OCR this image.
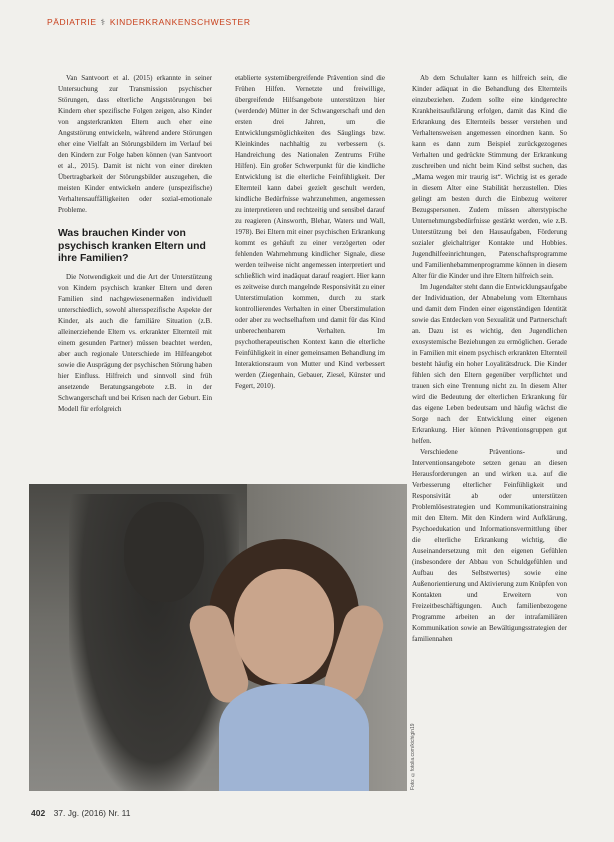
PÄDIATRIE ⚕ KINDERKRANKENSCHWESTER

Van Santvoort et al. (2015) erkannte in seiner Untersuchung zur Transmission psychischer Störungen, dass elterliche Angststörungen bei Kindern eher spezifische Folgen zeigen, also Kinder von angsterkrankten Eltern auch eher eine Angststörung entwickeln, während andere Störungen eher eine Vielfalt an Störungsbildern im Verlauf bei den Kindern zur Folge haben können (van Santvoort et al., 2015). Damit ist nicht von einer direkten Übertragbarkeit der Störungsbilder auszugehen, die meisten Kinder entwickeln andere (unspezifische) Verhaltensauffälligkeiten oder sozial-emotionale Probleme.

Was brauchen Kinder von psychisch kranken Eltern und ihre Familien?

Die Notwendigkeit und die Art der Unterstützung von Kindern psychisch kranker Eltern und deren Familien sind nachgewiesenermaßen individuell unterschiedlich, sowohl altersspezifische Aspekte der Kinder, als auch die familiäre Situation (z.B. alleinerziehende Eltern vs. erkrankter Elternteil mit einem gesunden Partner) müssen beachtet werden, aber auch regionale Unterschiede im Hilfeangebot sowie die Ausprägung der psychischen Störung haben hier Einfluss. Hilfreich und sinnvoll sind früh ansetzende Beratungsangebote z.B. in der Schwangerschaft und bei Krisen nach der Geburt. Ein Modell für erfolgreich

etablierte systemübergreifende Prävention sind die Frühen Hilfen. Vernetzte und freiwillige, übergreifende Hilfsangebote unterstützen hier (werdende) Mütter in der Schwangerschaft und den ersten drei Jahren, um die Entwicklungsmöglichkeiten des Säuglings bzw. Kleinkindes nachhaltig zu verbessern (s. Handreichung des Nationalen Zentrums Frühe Hilfen). Ein großer Schwerpunkt für die kindliche Entwicklung ist die elterliche Feinfühligkeit. Der Elternteil kann dabei gezielt geschult werden, kindliche Bedürfnisse wahrzunehmen, angemessen zu interpretieren und rechtzeitig und sensibel darauf zu reagieren (Ainsworth, Blehar, Waters und Wall, 1978). Bei Eltern mit einer psychischen Erkrankung kommt es gehäuft zu einer verzögerten oder fehlenden Wahrnehmung kindlicher Signale, diese werden teilweise nicht angemessen interpretiert und schließlich wird inadäquat darauf reagiert. Hier kann es zeitweise durch mangelnde Responsivität zu einer Unterstimulation kommen, durch zu stark kontrollierendes Verhalten in einer Überstimulation oder aber zu wechselhaftem und damit für das Kind unberechenbarem Verhalten. Im psychotherapeutischen Kontext kann die elterliche Feinfühligkeit in einer gemeinsamen Behandlung im Interaktionsraum von Mutter und Kind verbessert werden (Ziegenhain, Gebauer, Ziesel, Künster und Fegert, 2010).

Ab dem Schulalter kann es hilfreich sein, die Kinder adäquat in die Behandlung des Elternteils einzubeziehen. Zudem sollte eine kindgerechte Krankheitsaufklärung erfolgen, damit das Kind die Erkrankung des Elternteils besser verstehen und Verhaltensweisen angemessen einordnen kann. So kann es dann zum Beispiel zurückgezogenes Verhalten und gedrückte Stimmung der Erkrankung zuschreiben und nicht beim Kind selbst suchen, das „Mama wegen mir traurig ist“. Wichtig ist es gerade in diesem Alter eine Stabilität herzustellen. Dies gelingt am besten durch die Einbezug weiterer Bezugspersonen. Zudem müssen alterstypische Unternehmungsbedürfnisse gestärkt werden, wie z.B. Unterstützung bei den Hausaufgaben, Förderung sozialer gleichaltriger Kontakte und Hobbies. Jugendhilfeeinrichtungen, Patenschaftsprogramme und Familienhebammenprogramme können in diesem Alter für die Kinder und ihre Eltern hilfreich sein.

Im Jugendalter steht dann die Entwicklungsaufgabe der Individuation, der Abnabelung vom Elternhaus und damit dem Finden einer eigenständigen Identität sowie das Entdecken von Sexualität und Partnerschaft an. Dazu ist es wichtig, den Jugendlichen exosystemische Beziehungen zu ermöglichen. Gerade in Familien mit einem psychisch erkrankten Elternteil besteht häufig ein hoher Loyalitätsdruck. Die Kinder fühlen sich den Eltern gegenüber verpflichtet und trauen sich eine Trennung nicht zu. In diesem Alter wird die Bedeutung der elterlichen Erkrankung für das eigene Leben bedeutsam und häufig wächst die Sorge nach der Entwicklung einer eigenen Erkrankung. Hier können Präventionsgruppen gut helfen.

Verschiedene Präventions- und Interventionsangebote setzen genau an diesen Herausforderungen an und wirken u.a. auf die Verbesserung elterlicher Feinfühligkeit und Responsivität ab oder unterstützen Problemlösestrategien und Kommunikationstraining mit den Eltern. Mit den Kindern wird Aufklärung, Psychoedukation und Informationsvermittlung über die elterliche Erkrankung wichtig, die Auseinandersetzung mit den eigenen Gefühlen (insbesondere der Abbau von Schuldgefühlen und Aufbau des Selbstwertes) sowie eine Außenorientierung und Aktivierung zum Knüpfen von Kontakten und Erweitern von Freizeitbeschäftigungen. Auch familienbezogene Programme arbeiten an der intrafamiliären Kommunikation sowie an Bewältigungsstrategien der familiennahen

Foto: ©fotolia.com/kichigin19
402 37. Jg. (2016) Nr. 11
